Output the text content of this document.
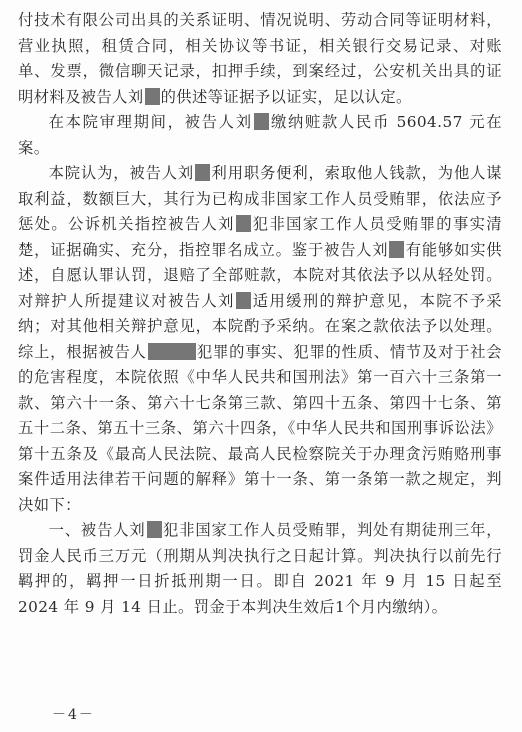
付技术有限公司出具的关系证明、情况说明、劳动合同等证明材料，营业执照，租赁合同，相关协议等书证，相关银行交易记录、对账单、发票，微信聊天记录，扣押手续，到案经过，公安机关出具的证明材料及被告人刘 的供述等证据予以证实，足以认定。

在本院审理期间，被告人刘 缴纳赃款人民币 5604.57 元在案。

本院认为，被告人刘 利用职务便利，索取他人钱款，为他人谋取利益，数额巨大，其行为已构成非国家工作人员受贿罪，依法应予惩处。公诉机关指控被告人刘 犯非国家工作人员受贿罪的事实清楚，证据确实、充分，指控罪名成立。鉴于被告人刘 有能够如实供述，自愿认罪认罚，退赔了全部赃款，本院对其依法予以从轻处罚。对辩护人所提建议对被告人刘 适用缓刑的辩护意见，本院不予采纳；对其他相关辩护意见，本院酌予采纳。在案之款依法予以处理。综上，根据被告人	犯罪的事实、犯罪的性质、情节及对于社会的危害程度，本院依照《中华人民共和国刑法》第一百六十三条第一款、第六十一条、第六十七条第三款、第四十五条、第四十七条、第五十二条、第五十三条、第六十四条，《中华人民共和国刑事诉讼法》第十五条及《最高人民法院、最高人民检察院关于办理贪污贿赂刑事案件适用法律若干问题的解释》第十一条、第一条第一款之规定，判决如下：

一、被告人刘 犯非国家工作人员受贿罪，判处有期徒刑三年，罚金人民币三万元（刑期从判决执行之日起计算。判决执行以前先行羁押的，羁押一日折抵刑期一日。即自 2021 年 9 月 15 日起至2024 年 9 月 14 日止。罚金于本判决生效后1个月内缴纳）。

－4－
